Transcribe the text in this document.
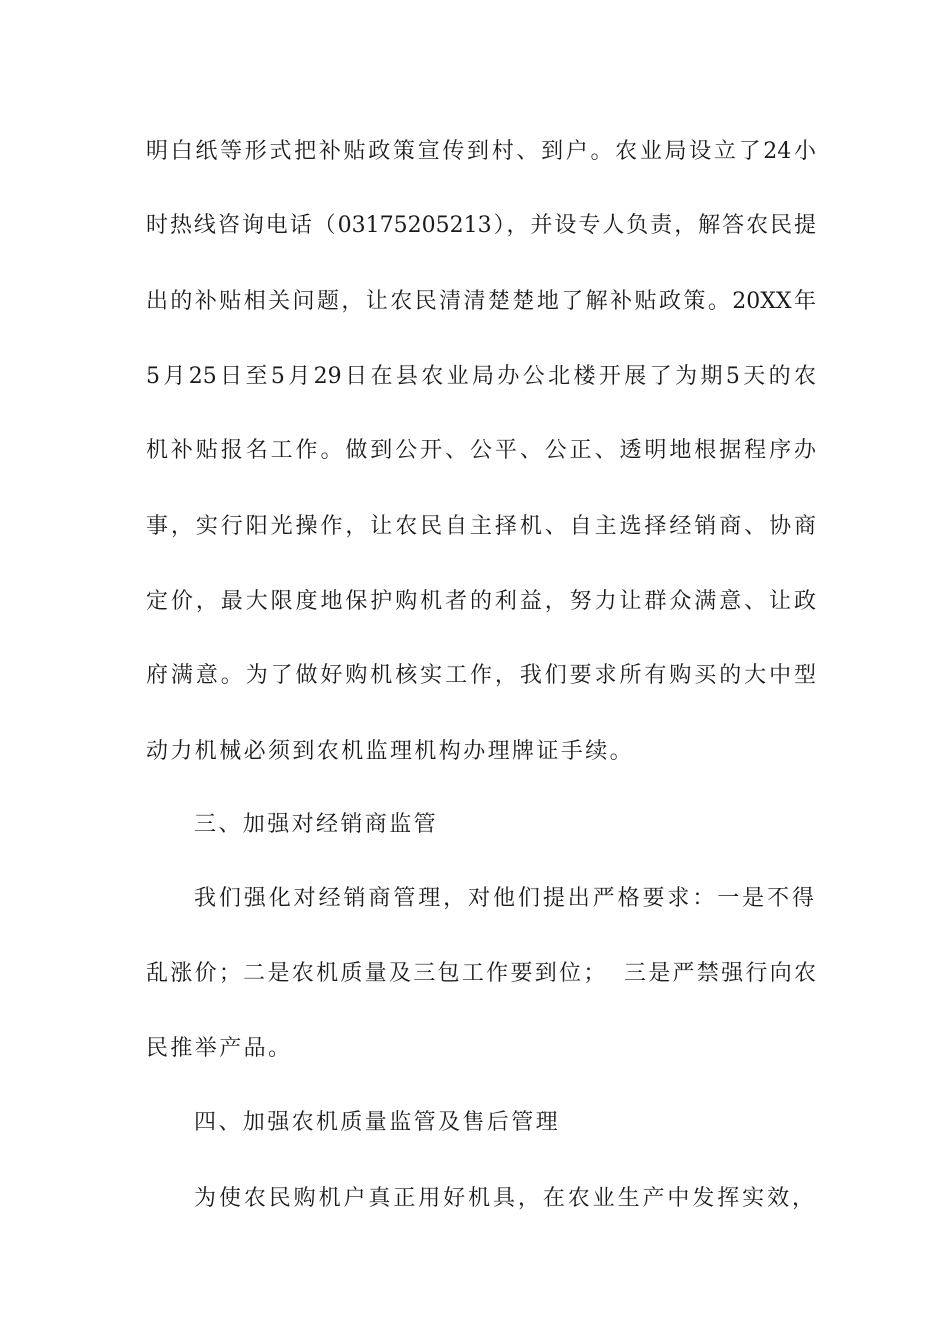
明白纸等形式把补贴政策宣传到村、到户。农业局设立了24小
时热线咨询电话（03175205213），并设专人负责，解答农民提
出的补贴相关问题，让农民清清楚楚地了解补贴政策。20XX年
5月25日至5月29日在县农业局办公北楼开展了为期5天的农
机补贴报名工作。做到公开、公平、公正、透明地根据程序办
事，实行阳光操作，让农民自主择机、自主选择经销商、协商
定价，最大限度地保护购机者的利益，努力让群众满意、让政
府满意。为了做好购机核实工作，我们要求所有购买的大中型
动力机械必须到农机监理机构办理牌证手续。
三、加强对经销商监管
我们强化对经销商管理，对他们提出严格要求：一是不得
乱涨价；二是农机质量及三包工作要到位；  三是严禁强行向农
民推举产品。
四、加强农机质量监管及售后管理
为使农民购机户真正用好机具，在农业生产中发挥实效，
